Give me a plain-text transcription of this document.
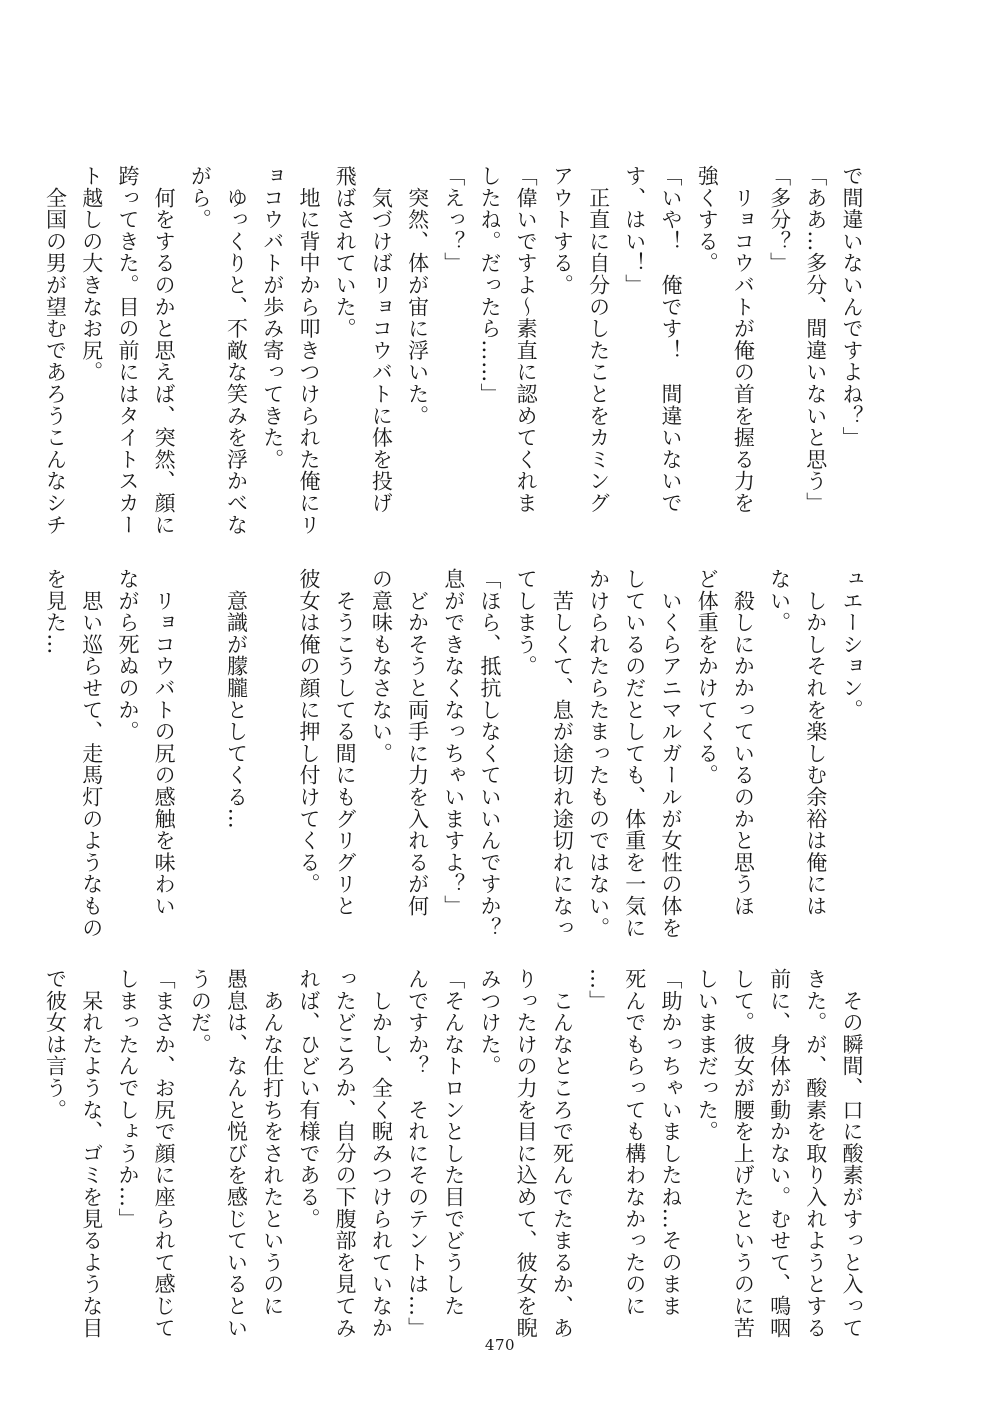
で間違いないんですよね？」
「ああ…多分、間違いないと思う」
「多分？」
　リョコウバトが俺の首を握る力を
強くする。
「いや！　俺です！　間違いないで
す、はい！」
　正直に自分のしたことをカミング
アウトする。
「偉いですよ〜素直に認めてくれま
したね。だったら……」
「えっ？」
　突然、体が宙に浮いた。
　気づけばリョコウバトに体を投げ
飛ばされていた。
　地に背中から叩きつけられた俺にリ
ョコウバトが歩み寄ってきた。
　ゆっくりと、不敵な笑みを浮かべな
がら。
　何をするのかと思えば、突然、顔に
跨ってきた。目の前にはタイトスカー
ト越しの大きなお尻。
　全国の男が望むであろうこんなシチ
ュエーション。
　しかしそれを楽しむ余裕は俺には
ない。
　殺しにかかっているのかと思うほ
ど体重をかけてくる。
　いくらアニマルガールが女性の体を
しているのだとしても、体重を一気に
かけられたらたまったものではない。
　苦しくて、息が途切れ途切れになっ
てしまう。
「ほら、抵抗しなくていいんですか？
息ができなくなっちゃいますよ？」
　どかそうと両手に力を入れるが何
の意味もなさない。
　そうこうしてる間にもグリグリと
彼女は俺の顔に押し付けてくる。

　意識が朦朧としてくる…

　リョコウバトの尻の感触を味わい
ながら死ぬのか。
　思い巡らせて、走馬灯のようなもの
を見た…
　その瞬間、口に酸素がすっと入って
きた。が、酸素を取り入れようとする
前に、身体が動かない。むせて、鳴咽
して。彼女が腰を上げたというのに苦
しいままだった。
「助かっちゃいましたね…そのまま
死んでもらっても構わなかったのに
…」
　こんなところで死んでたまるか、あ
りったけの力を目に込めて、彼女を睨
みつけた。
「そんなトロンとした目でどうした
んですか？　それにそのテントは…」
　しかし、全く睨みつけられていなか
ったどころか、自分の下腹部を見てみ
れば、ひどい有様である。
　あんな仕打ちをされたというのに
愚息は、なんと悦びを感じているとい
うのだ。
「まさか、お尻で顔に座られて感じて
しまったんでしょうか…」
　呆れたような、ゴミを見るような目
で彼女は言う。
470
